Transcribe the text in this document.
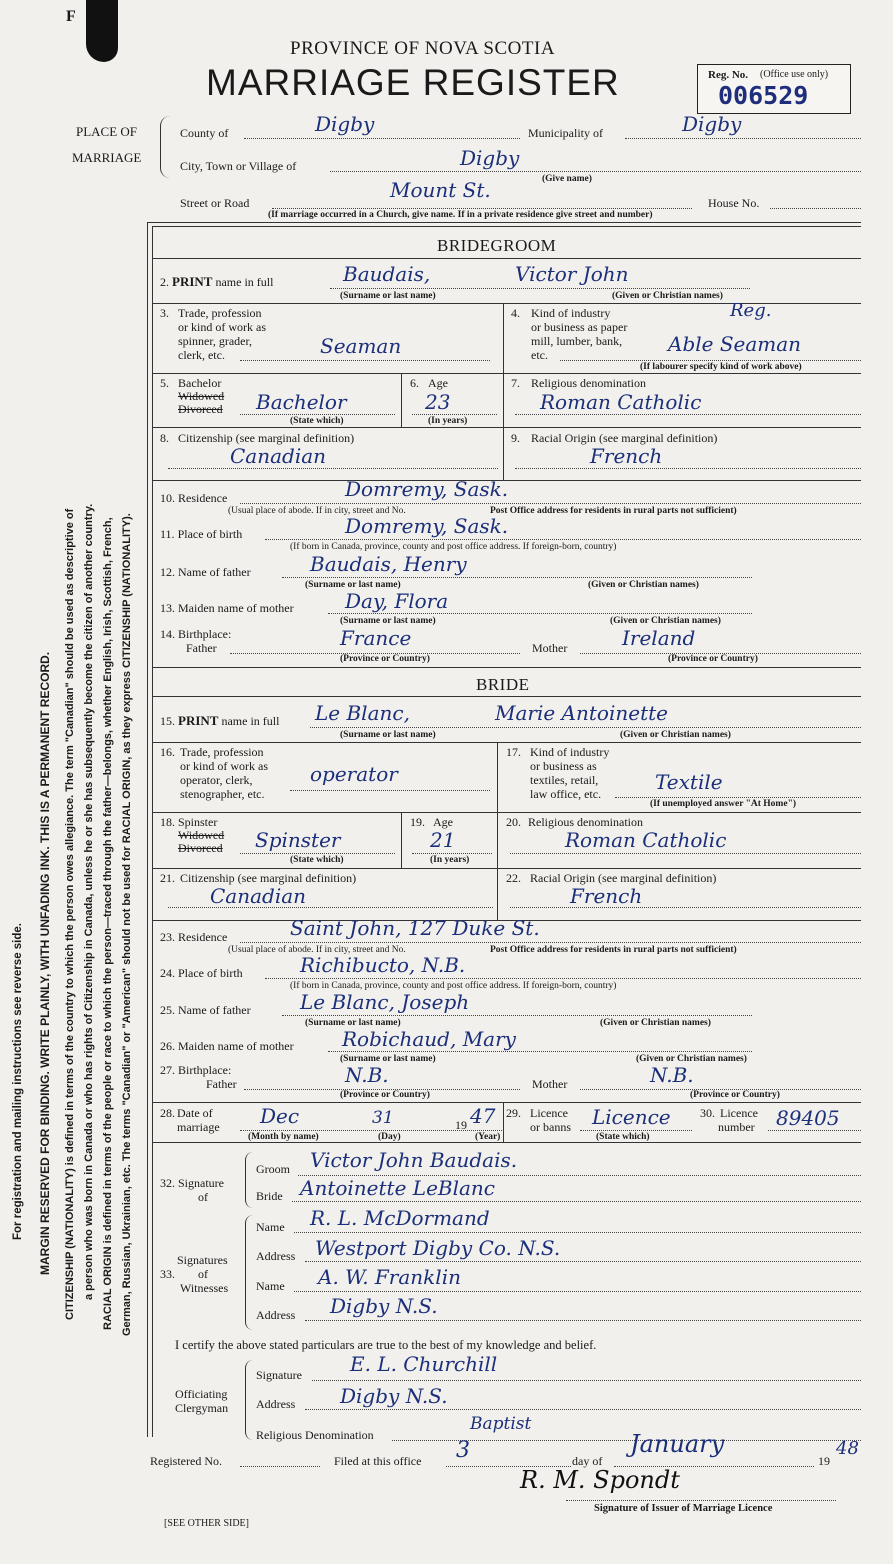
F
For registration and mailing instructions see reverse side. MARGIN RESERVED FOR BINDING. WRITE PLAINLY, WITH UNFADING INK. THIS IS A PERMANENT RECORD. CITIZENSHIP (NATIONALITY) is defined in terms of the country to which the person owes allegiance. The term "Canadian" should be used as descriptive of a person who was born in Canada or who has rights of Citizenship in Canada, unless he or she has subsequently become the citizen of another country. RACIAL ORIGIN is defined in terms of the people or race to which the person—traced through the father—belongs, whether English, Irish, Scottish, French, German, Russian, Ukrainian, etc. The terms "Canadian" or "American" should not be used for RACIAL ORIGIN, as they express CITIZENSHIP (NATIONALITY).
PROVINCE OF NOVA SCOTIA
MARRIAGE REGISTER	Reg. No. (Office use only)
006529
PLACE OF
MARRIAGE
County of	Digby	Municipality of	Digby
City, Town or Village of	Digby
(Give name)
Street or Road
Mount St.
House No.
(If marriage occurred in a Church, give name. If in a private residence give street and number)
BRIDEGROOM
2. PRINT name in full	Baudais,	Victor John
(Surname or last name)	(Given or Christian names)
3. Trade, profession
or kind of work as
spinner, grader,
clerk, etc.	Seaman
4. Kind of industry
or business as paper
mill, lumber, bank,
etc.
Reg.
Able Seaman
(If labourer specify kind of work above)
5. Bachelor
Widowed
Divorced Bachelor
(State which)
6. Age
23
(In years)
7. Religious denomination
Roman Catholic
8. Citizenship (see marginal definition)
Canadian
9. Racial Origin (see marginal definition)
French
10. Residence	Domremy, Sask.
(Usual place of abode. If in city, street and No.	Post Office address for residents in rural parts not sufficient)
11. Place of birth	Domremy, Sask.
(If born in Canada, province, county and post office address. If foreign-born, country)
12. Name of father	Baudais, Henry
(Surname or last name)	(Given or Christian names)
13. Maiden name of mother	Day, Flora
(Surname or last name)	(Given or Christian names)
14. Birthplace:
Father	France	Mother	Ireland
(Province or Country)	(Province or Country)
BRIDE
15. PRINT name in full Le Blanc,	Marie Antoinette
(Surname or last name)	(Given or Christian names)
16. Trade, profession
or kind of work as
operator, clerk,
stenographer, etc.
operator
17. Kind of industry
or business as
textiles, retail,
law office, etc.	Textile
(If unemployed answer "At Home")
18. Spinster
Widowed
Divorced Spinster
(State which)
19. Age
21
(In years)
20. Religious denomination
Roman Catholic
21. Citizenship (see marginal definition)
Canadian
22. Racial Origin (see marginal definition)
French
23. Residence	Saint John, 127 Duke St.
(Usual place of abode. If in city, street and No.	Post Office address for residents in rural parts not sufficient)
24. Place of birth	Richibucto, N.B.
(If born in Canada, province, county and post office address. If foreign-born, country)
25. Name of father Le Blanc, Joseph
(Surname or last name)	(Given or Christian names)
26. Maiden name of mother Robichaud, Mary
(Surname or last name)	(Given or Christian names)
27. Birthplace:
Father	N.B.	Mother	N.B.
(Province or Country)	(Province or Country)
28. Date of
marriage Dec	31	19 47
(Month by name)	(Day)	(Year)
29. Licence
or banns Licence
(State which)
30. Licence
number 89405
32. Signature
of
Groom Victor John Baudais.
Bride Antoinette LeBlanc
33.
Signatures
of
Witnesses
Name R. L. McDormand
Address Westport Digby Co. N.S.
Name A. W. Franklin
Address Digby N.S.
I certify the above stated particulars are true to the best of my knowledge and belief.
Officiating
Clergyman
Signature E. L. Churchill
Address Digby N.S.
Religious Denomination
Baptist
Registered No.	Filed at this office 3	day of
January
19
48
R. M. Spondt
Signature of Issuer of Marriage Licence
[SEE OTHER SIDE]
